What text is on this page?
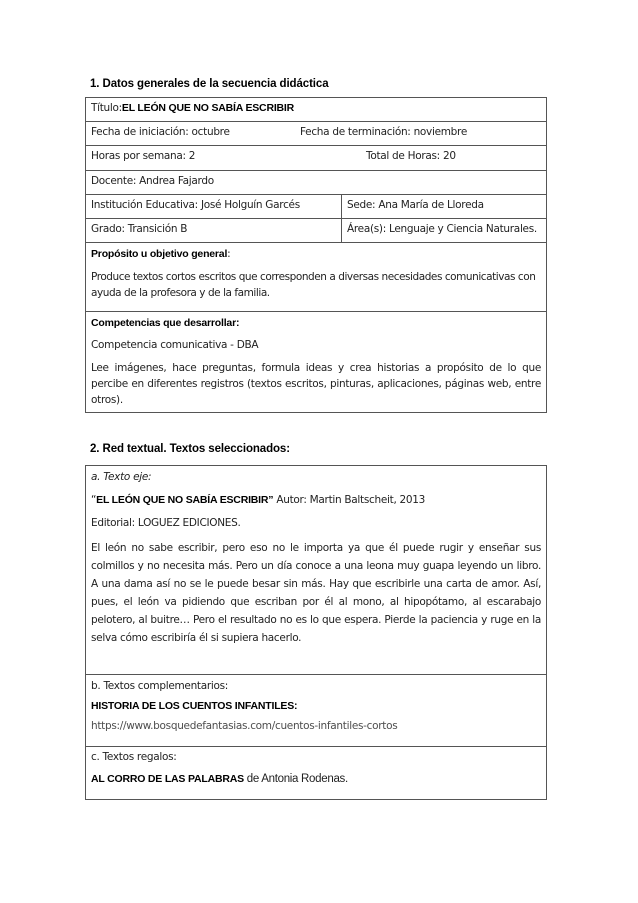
1. Datos generales de la secuencia didáctica
Título:EL LEÓN QUE NO SABÍA ESCRIBIR	
Fecha de iniciación: octubre Fecha de terminación: noviembre	
Horas por semana: 2 Total de Horas: 20	
Docente: Andrea Fajardo	
Institución Educativa: José Holguín Garcés	Sede: Ana María de Lloreda
Grado: Transición B	Área(s): Lenguaje y Ciencia Naturales.

Propósito u objetivo general:

Produce textos cortos escritos que corresponden a diversas necesidades comunicativas con ayuda de la profesora y de la familia.	

Competencias que desarrollar:

Competencia comunicativa - DBA

Lee imágenes, hace preguntas, formula ideas y crea historias a propósito de lo que percibe en diferentes registros (textos escritos, pinturas, aplicaciones, páginas web, entre otros).	

2. Red textual. Textos seleccionados:

a. Texto eje:

“EL LEÓN QUE NO SABÍA ESCRIBIR” Autor: Martin Baltscheit, 2013

Editorial: LOGUEZ EDICIONES.

El león no sabe escribir, pero eso no le importa ya que él puede rugir y enseñar sus colmillos y no necesita más. Pero un día conoce a una leona muy guapa leyendo un libro. A una dama así no se le puede besar sin más. Hay que escribirle una carta de amor. Así, pues, el león va pidiendo que escriban por él al mono, al hipopótamo, al escarabajo pelotero, al buitre… Pero el resultado no es lo que espera. Pierde la paciencia y ruge en la selva cómo escribiría él si supiera hacerlo.

b. Textos complementarios:

HISTORIA DE LOS CUENTOS INFANTILES:

https://www.bosquedefantasias.com/cuentos-infantiles-cortos

c. Textos regalos:

AL CORRO DE LAS PALABRAS de Antonia Rodenas.
